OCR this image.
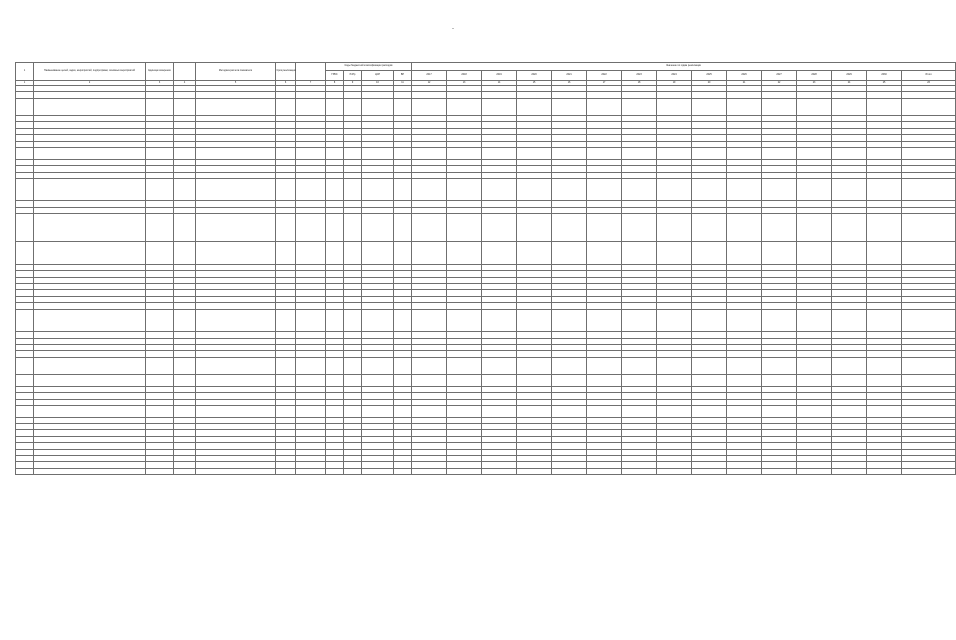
-
1	Наименование целей, задач, мероприятий, подпрограмм, основных мероприятий	Единица измерения		Методика расчета показателя	Срок реализации		Коды бюджетной классификации расходов				Значение по годам реализации															
							ГРБС	РзПр	ЦСР	ВР	2017	2018	2019	2020	2021	2022	2023	2024	2025	2026	2027	2028	2029	2030	Итого	
1	2	3	4	5	6	7	8	9	10	11	12	13	14	15	16	17	18	19	20	21	22	23	24	25	26	
